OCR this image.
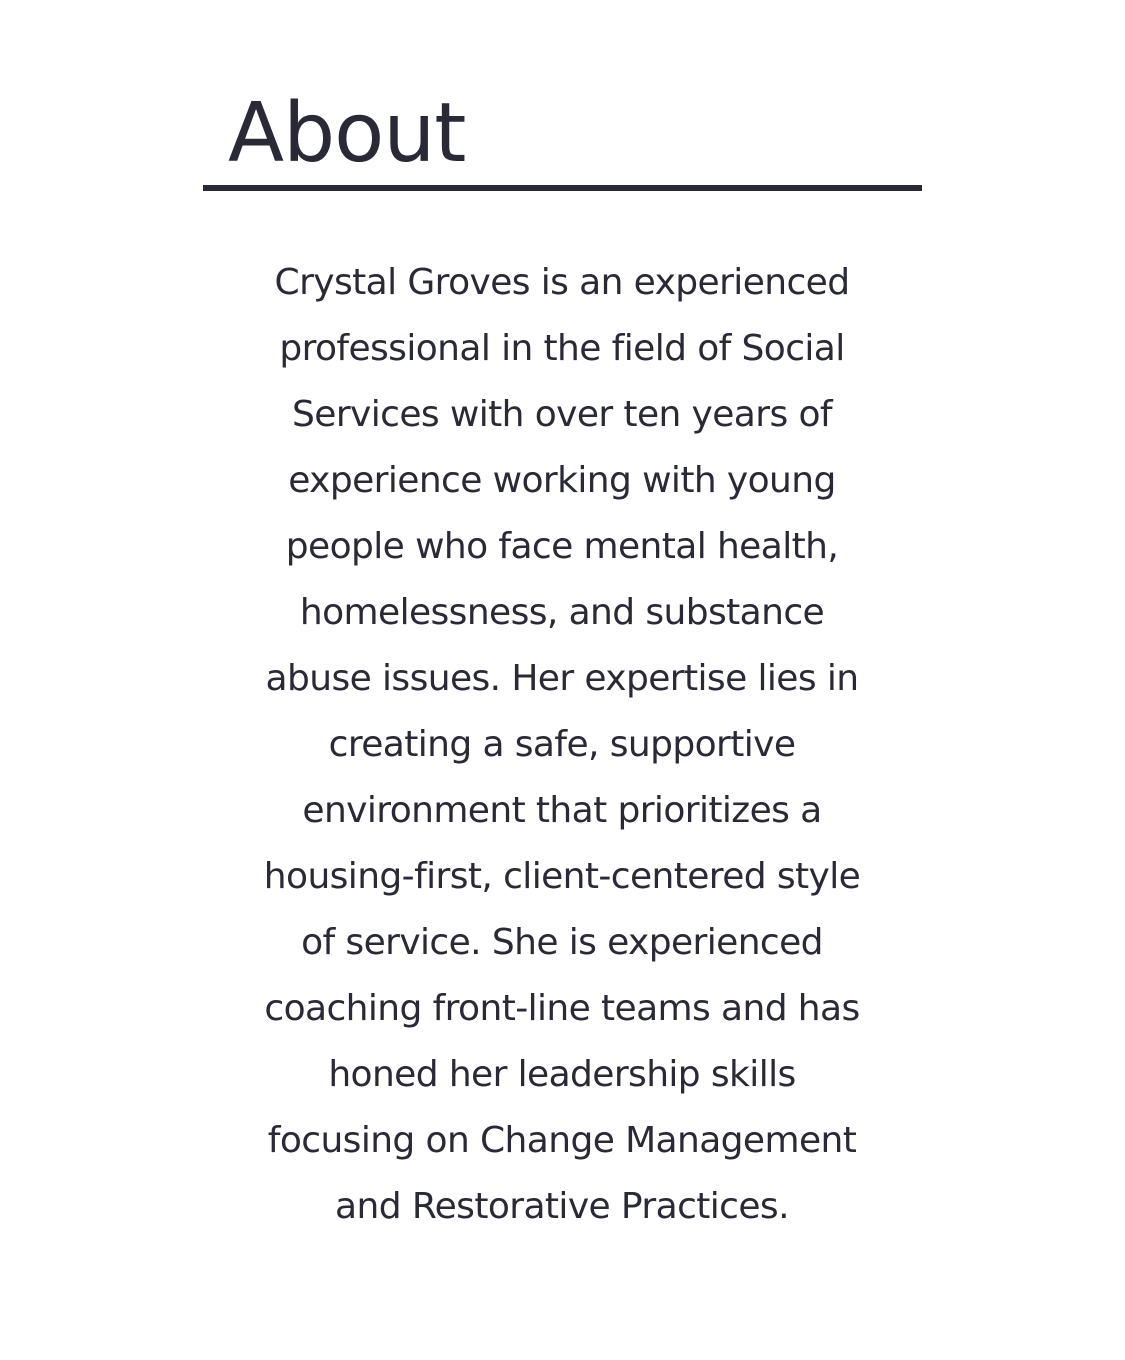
About

Crystal Groves is an experienced
professional in the field of Social
Services with over ten years of
experience working with young
people who face mental health,
homelessness, and substance
abuse issues. Her expertise lies in
creating a safe, supportive
environment that prioritizes a
housing-first, client-centered style
of service. She is experienced
coaching front-line teams and has
honed her leadership skills
focusing on Change Management
and Restorative Practices.
